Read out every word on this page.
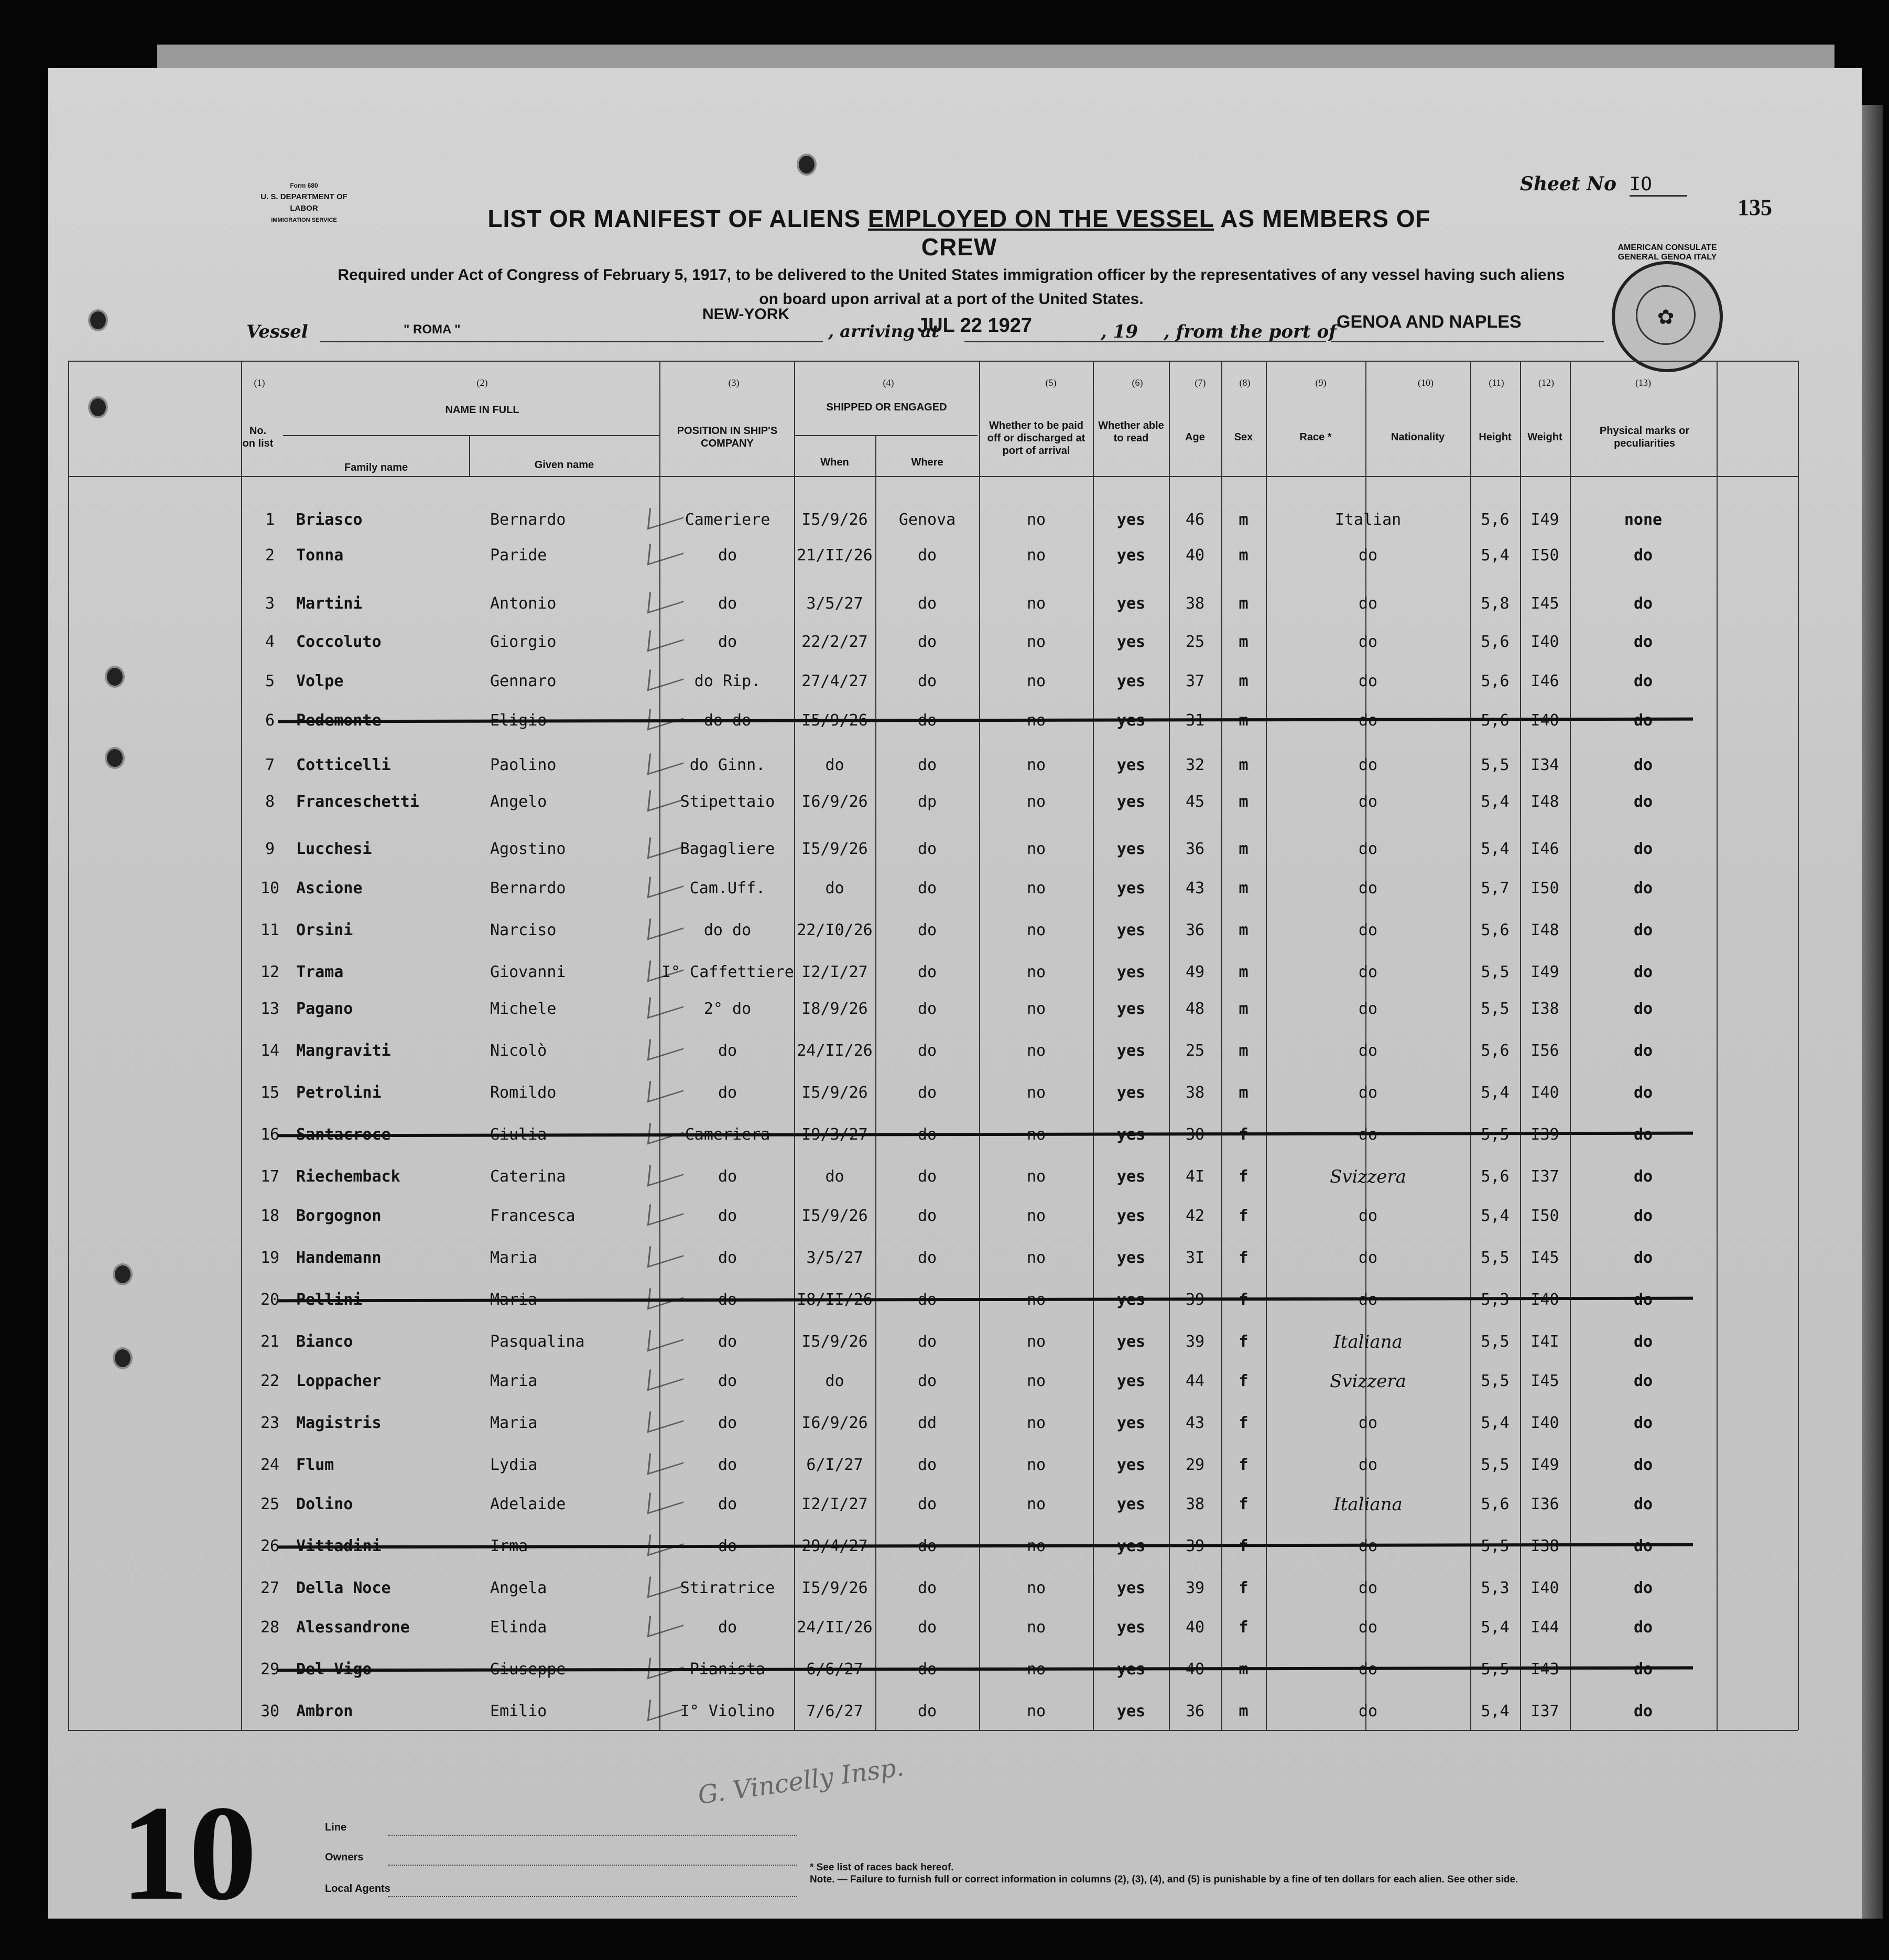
Form 680
U. S. DEPARTMENT OF LABOR
IMMIGRATION SERVICE
Sheet No IO
135
LIST OR MANIFEST OF ALIENS EMPLOYED ON THE VESSEL AS MEMBERS OF CREW
Required under Act of Congress of February 5, 1917, to be delivered to the United States immigration officer by the representatives of any vessel having such aliens
on board upon arrival at a port of the United States.
Vessel	" ROMA "	, arriving at
NEW-YORK
JUL 22 1927	, 19 , from the port of GENOA AND NAPLES	✿
AMERICAN CONSULATE GENERAL GENOA ITALY
(1)	(2)	(3)	(4)	(5)	(6)	(7)	(8)	(9)	(10)	(11)	(12)	(13)
No. on list
NAME IN FULL
Family name	Given name
POSITION IN SHIP'S COMPANY
SHIPPED OR ENGAGED
When	Where
Whether to be paid off or discharged at port of arrival
Whether able to read	Age	Sex	Race *	Nationality	Height	Weight
Physical marks or peculiarities
1	Briasco	Bernardo	Cameriere	I5/9/26	Genova	no	yes	46	m	Italian	5,6	I49	none
2	Tonna	Paride	do	21/II/26	do	no	yes	40	m	do	5,4	I50	do
3	Martini	Antonio	do	3/5/27	do	no	yes	38	m	do	5,8	I45	do
4	Coccoluto	Giorgio	do	22/2/27	do	no	yes	25	m	do	5,6	I40	do
5	Volpe	Gennaro	do Rip.	27/4/27	do	no	yes	37	m	do	5,6	I46	do
6	Pedemonte	Eligio	do do	I5/9/26	do	no	yes	31	m	do	5,6	I40	do
7	Cotticelli	Paolino	do Ginn.	do	do	no	yes	32	m	do	5,5	I34	do
8	Franceschetti	Angelo	Stipettaio	I6/9/26	dp	no	yes	45	m	do	5,4	I48	do
9	Lucchesi	Agostino	Bagagliere	I5/9/26	do	no	yes	36	m	do	5,4	I46	do
10	Ascione	Bernardo	Cam.Uff.	do	do	no	yes	43	m	do	5,7	I50	do
11	Orsini	Narciso	do do	22/I0/26	do	no	yes	36	m	do	5,6	I48	do
12	Trama	Giovanni	I° Caffettiere I2/I/27	do	no	yes	49	m	do	5,5	I49	do
13	Pagano	Michele	2° do	I8/9/26	do	no	yes	48	m	do	5,5	I38	do
14	Mangraviti	Nicolò	do	24/II/26	do	no	yes	25	m	do	5,6	I56	do
15	Petrolini	Romildo	do	I5/9/26	do	no	yes	38	m	do	5,4	I40	do
16	Santacroce	Giulia	Cameriera	I9/3/27	do	no	yes	30	f	do	5,5	I39	do
17	Riechemback	Caterina	do	do	do	no	yes	4I	f	Svizzera	5,6	I37	do
18	Borgognon	Francesca	do	I5/9/26	do	no	yes	42	f	do	5,4	I50	do
19	Handemann	Maria	do	3/5/27	do	no	yes	3I	f	do	5,5	I45	do
20	Pellini	Maria	do	I8/II/26	do	no	yes	39	f	do	5,3	I40	do
21	Bianco	Pasqualina	do	I5/9/26	do	no	yes	39	f	Italiana	5,5	I4I	do
22	Loppacher	Maria	do	do	do	no	yes	44	f	Svizzera	5,5	I45	do
23	Magistris	Maria	do	I6/9/26	dd	no	yes	43	f	do	5,4	I40	do
24	Flum	Lydia	do	6/I/27	do	no	yes	29	f	do	5,5	I49	do
25	Dolino	Adelaide	do	I2/I/27	do	no	yes	38	f	Italiana	5,6	I36	do
26	Vittadini	Irma	do	29/4/27	do	no	yes	39	f	do	5,5	I38	do
27	Della Noce	Angela	Stiratrice	I5/9/26	do	no	yes	39	f	do	5,3	I40	do
28	Alessandrone	Elinda	do	24/II/26	do	no	yes	40	f	do	5,4	I44	do
29	Del Vigo	Giuseppe	Pianista	6/6/27	do	no	yes	40	m	do	5,5	I43	do
30	Ambron	Emilio	I° Violino	7/6/27	do	no	yes	36	m	do	5,4	I37	do
G. Vincelly Insp.
10	Line
Owners
Local Agents
* See list of races back hereof.
Note. — Failure to furnish full or correct information in columns (2), (3), (4), and (5) is punishable by a fine of ten dollars for each alien. See other side.
